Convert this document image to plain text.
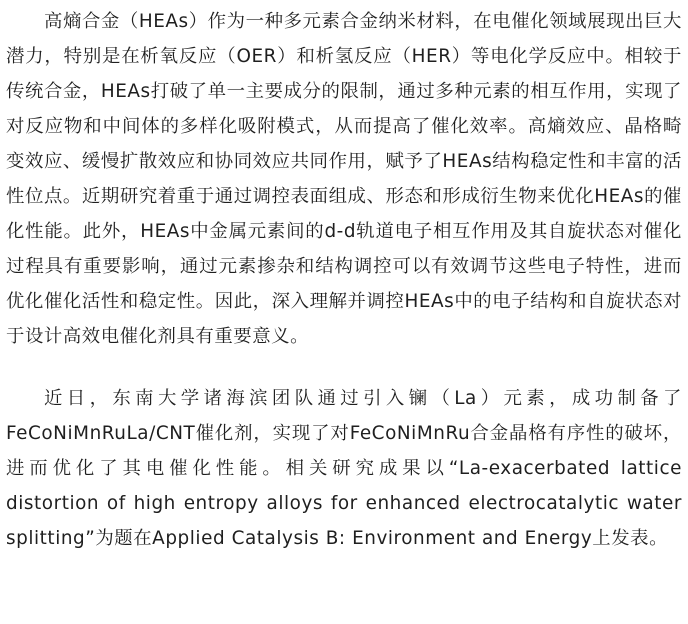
高熵合金（HEAs）作为一种多元素合金纳米材料，在电催化领域展现出巨大潜力，特别是在析氧反应（OER）和析氢反应（HER）等电化学反应中。相较于传统合金，HEAs打破了单一主要成分的限制，通过多种元素的相互作用，实现了对反应物和中间体的多样化吸附模式，从而提高了催化效率。高熵效应、晶格畸变效应、缓慢扩散效应和协同效应共同作用，赋予了HEAs结构稳定性和丰富的活性位点。近期研究着重于通过调控表面组成、形态和形成衍生物来优化HEAs的催化性能。此外，HEAs中金属元素间的d-d轨道电子相互作用及其自旋状态对催化过程具有重要影响，通过元素掺杂和结构调控可以有效调节这些电子特性，进而优化催化活性和稳定性。因此，深入理解并调控HEAs中的电子结构和自旋状态对于设计高效电催化剂具有重要意义。

近日，东南大学诸海滨团队通过引入镧（La）元素，成功制备了FeCoNiMnRuLa/CNT催化剂，实现了对FeCoNiMnRu合金晶格有序性的破坏，进而优化了其电催化性能。相关研究成果以“La-exacerbated lattice distortion of high entropy alloys for enhanced electrocatalytic water splitting”为题在Applied Catalysis B: Environment and Energy上发表。
